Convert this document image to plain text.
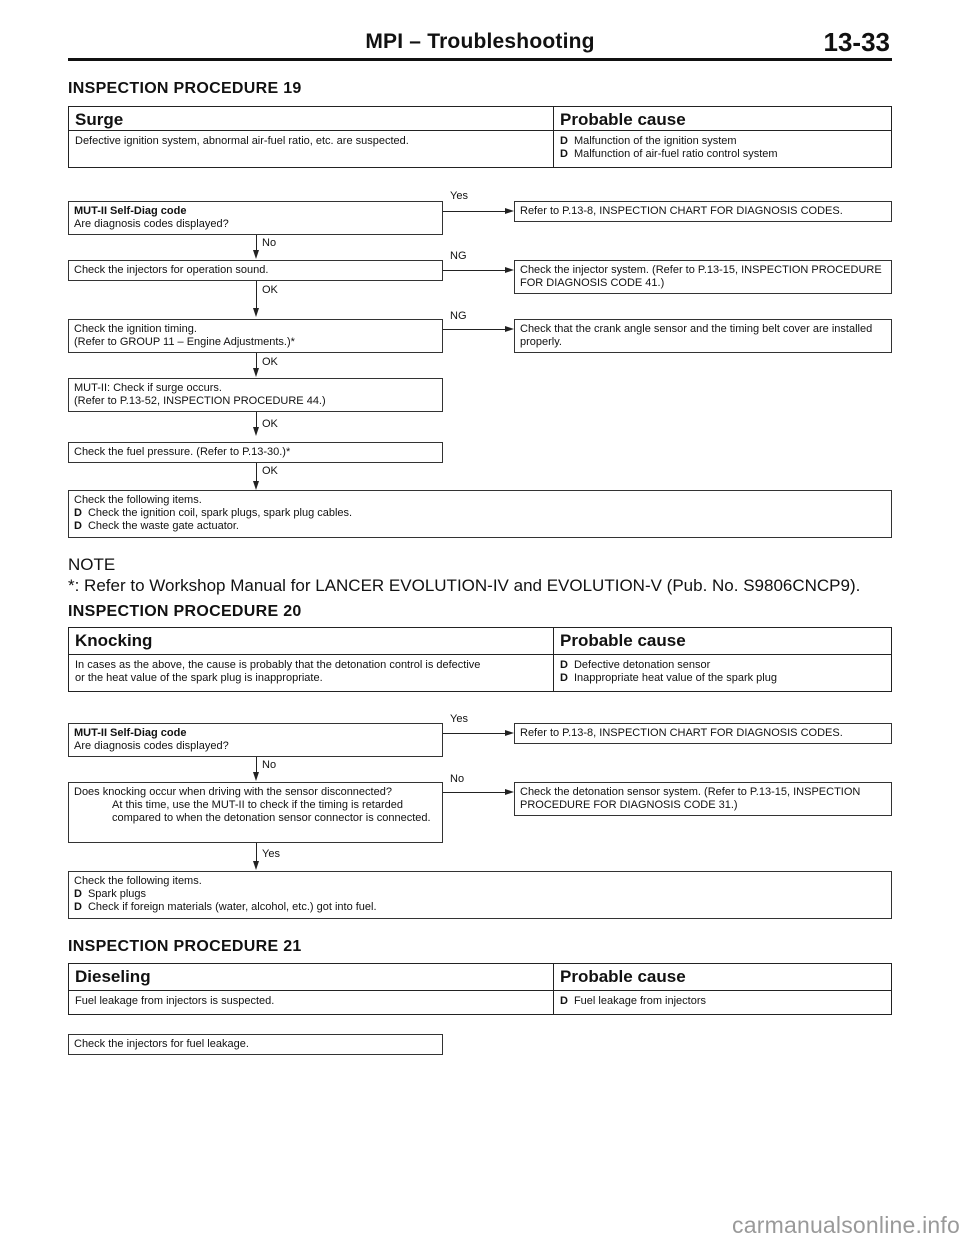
MPI – Troubleshooting	13-33
INSPECTION PROCEDURE 19
Surge	Probable cause
Defective ignition system, abnormal air-fuel ratio, etc. are suspected.	D Malfunction of the ignition system
D Malfunction of air-fuel ratio control system
Yes
MUT-II Self-Diag code
Are diagnosis codes displayed?
Refer to P.13-8, INSPECTION CHART FOR DIAGNOSIS CODES.
No
NG
Check the injectors for operation sound.	Check the injector system. (Refer to P.13-15, INSPECTION PROCEDURE FOR DIAGNOSIS CODE 41.)
OK
NG
Check the ignition timing.
(Refer to GROUP 11 – Engine Adjustments.)*
Check that the crank angle sensor and the timing belt cover are installed properly.
OK
MUT-II: Check if surge occurs.
(Refer to P.13-52, INSPECTION PROCEDURE 44.)
OK
Check the fuel pressure. (Refer to P.13-30.)*
OK
Check the following items.
D Check the ignition coil, spark plugs, spark plug cables.
D Check the waste gate actuator.
NOTE
*: Refer to Workshop Manual for LANCER EVOLUTION-IV and EVOLUTION-V (Pub. No. S9806CNCP9).
INSPECTION PROCEDURE 20
Knocking	Probable cause
In cases as the above, the cause is probably that the detonation control is defective
or the heat value of the spark plug is inappropriate.
D Defective detonation sensor
D Inappropriate heat value of the spark plug
Yes
MUT-II Self-Diag code
Are diagnosis codes displayed?
Refer to P.13-8, INSPECTION CHART FOR DIAGNOSIS CODES.
No
No
Does knocking occur when driving with the sensor disconnected?
At this time, use the MUT-II to check if the timing is retarded compared to when the detonation sensor connector is connected.
Check the detonation sensor system. (Refer to P.13-15, INSPECTION PROCEDURE FOR DIAGNOSIS CODE 31.)
Yes
Check the following items.
D Spark plugs
D Check if foreign materials (water, alcohol, etc.) got into fuel.
INSPECTION PROCEDURE 21
Dieseling	Probable cause
Fuel leakage from injectors is suspected.	D Fuel leakage from injectors
Check the injectors for fuel leakage.
carmanualsonline.info
